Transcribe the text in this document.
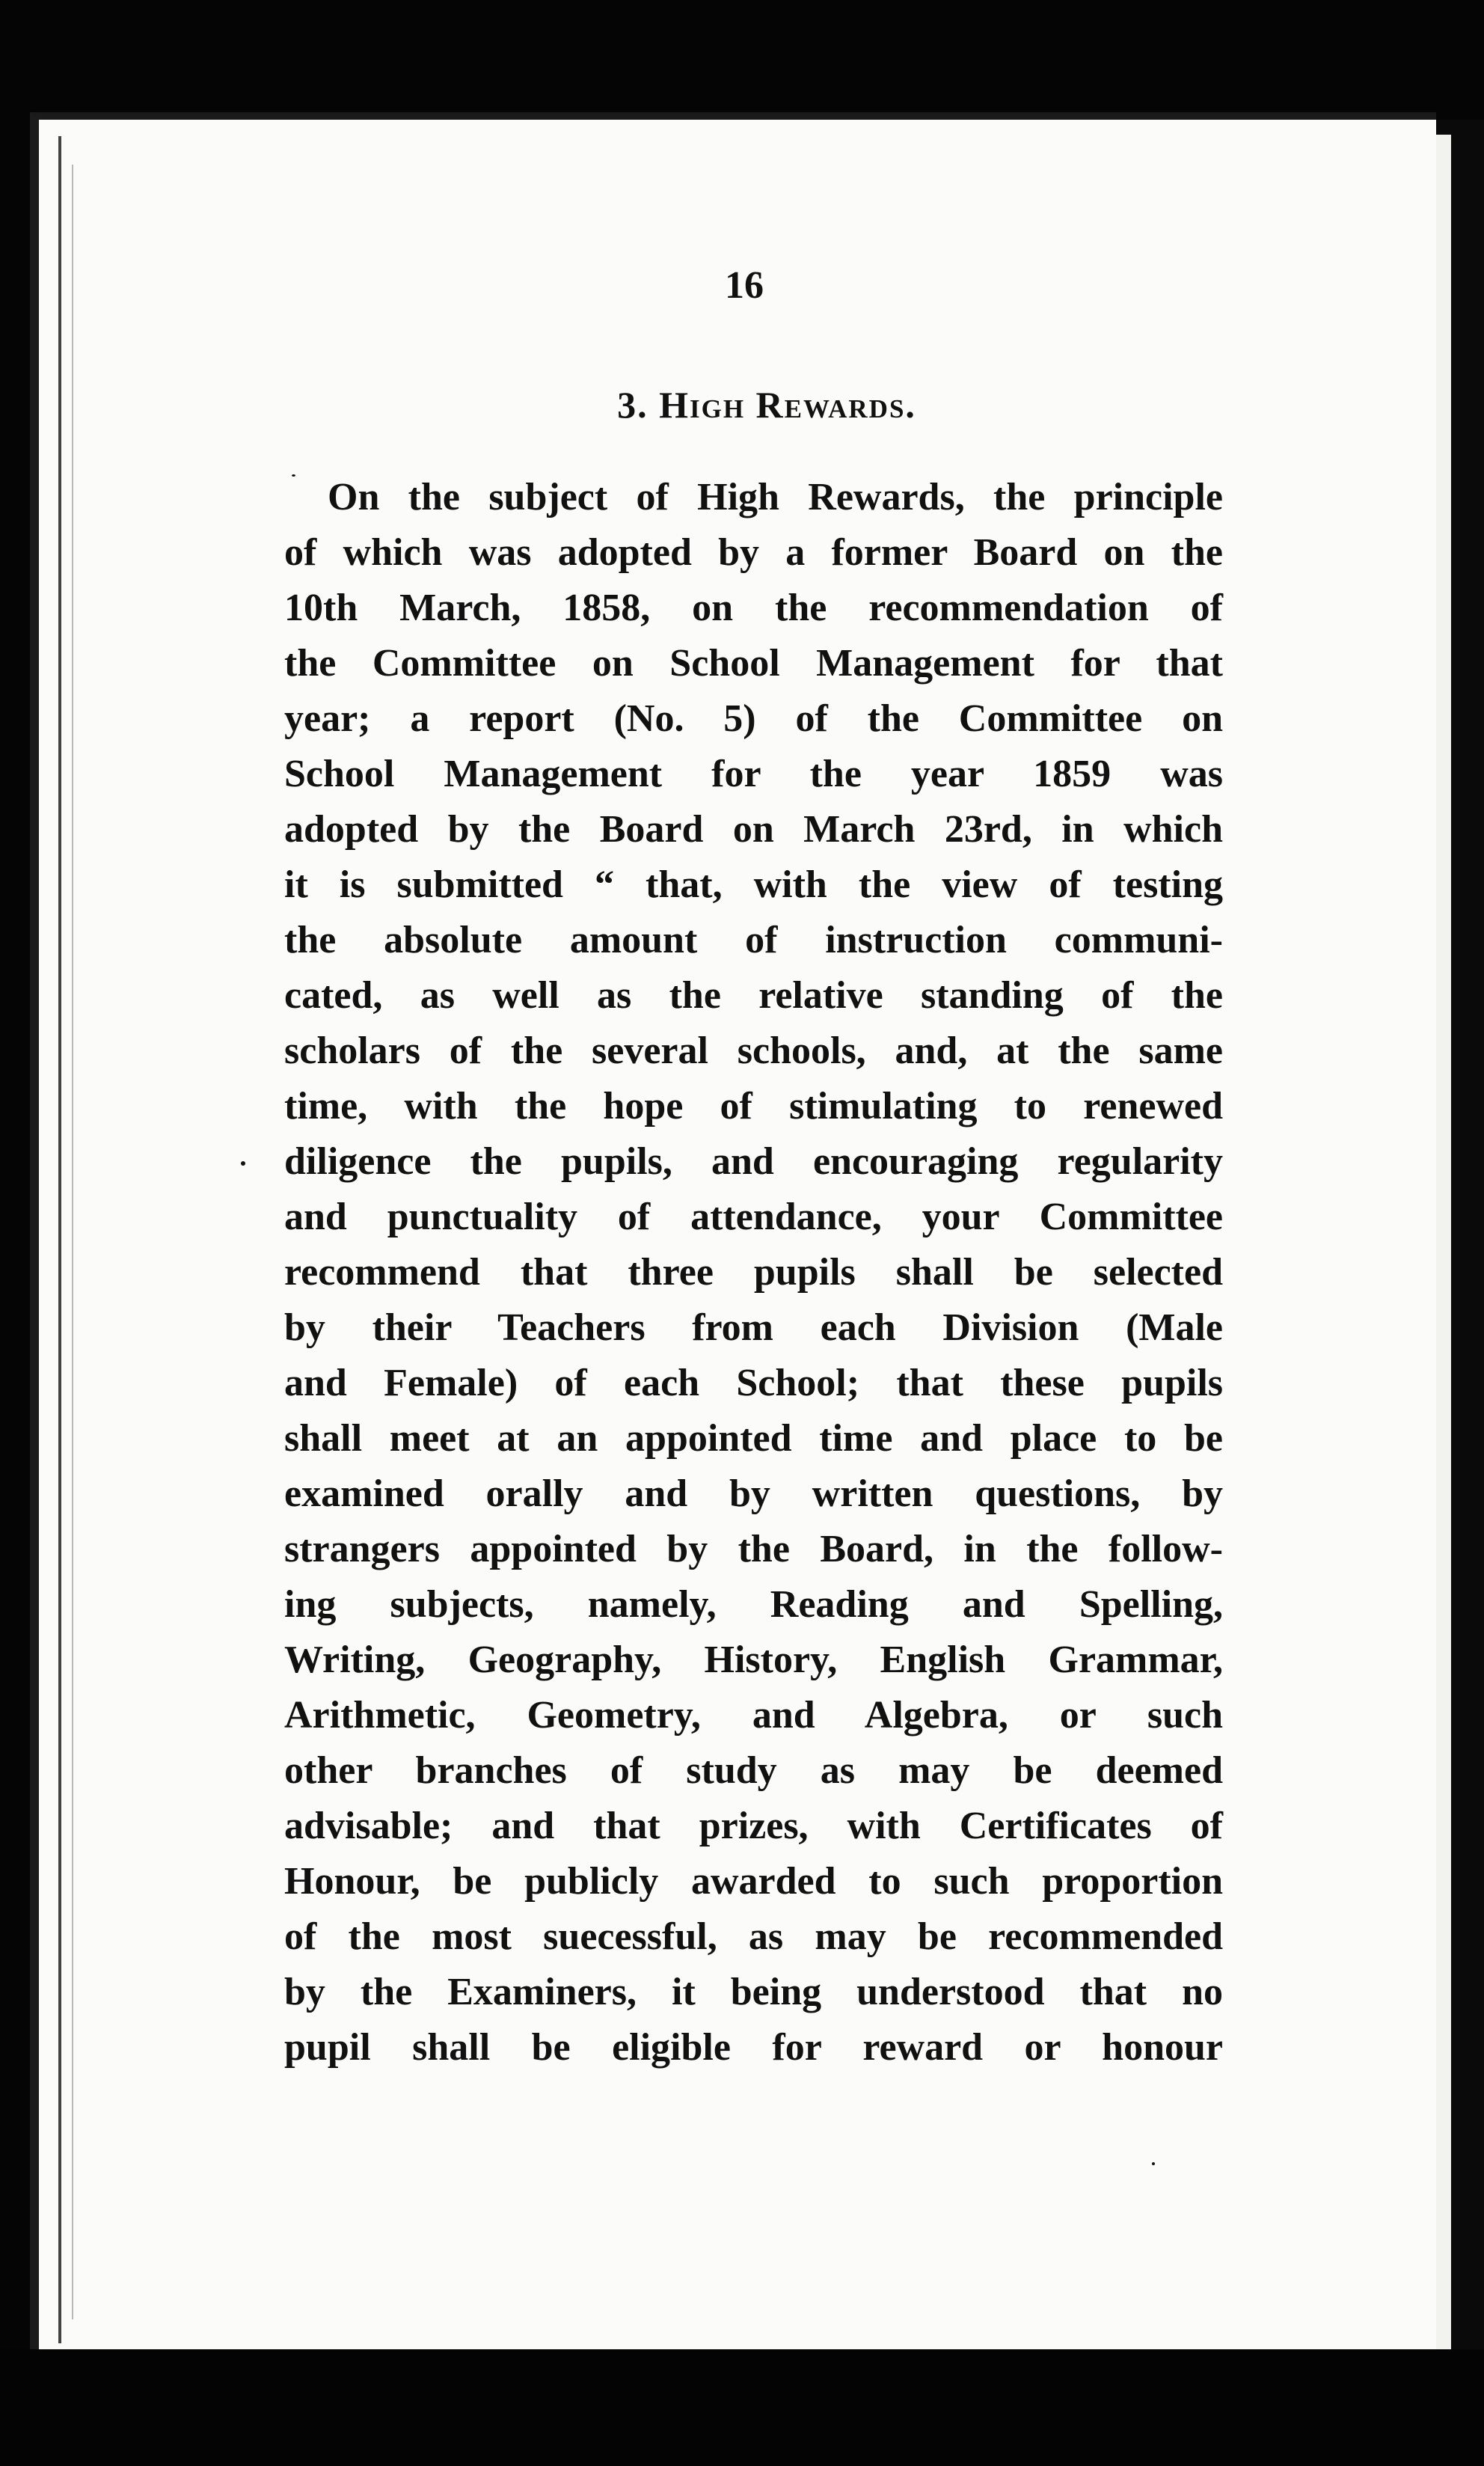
16
3. High Rewards.
On the subject of High Rewards, the principle
of which was adopted by a former Board on the
10th March, 1858, on the recommendation of
the Committee on School Management for that
year; a report (No. 5) of the Committee on
School Management for the year 1859 was
adopted by the Board on March 23rd, in which
it is submitted “ that, with the view of testing
the absolute amount of instruction communi-
cated, as well as the relative standing of the
scholars of the several schools, and, at the same
time, with the hope of stimulating to renewed
diligence the pupils, and encouraging regularity
and punctuality of attendance, your Committee
recommend that three pupils shall be selected
by their Teachers from each Division (Male
and Female) of each School; that these pupils
shall meet at an appointed time and place to be
examined orally and by written questions, by
strangers appointed by the Board, in the follow-
ing subjects, namely, Reading and Spelling,
Writing, Geography, History, English Grammar,
Arithmetic, Geometry, and Algebra, or such
other branches of study as may be deemed
advisable; and that prizes, with Certificates of
Honour, be publicly awarded to such proportion
of the most suecessful, as may be recommended
by the Examiners, it being understood that no
pupil shall be eligible for reward or honour
